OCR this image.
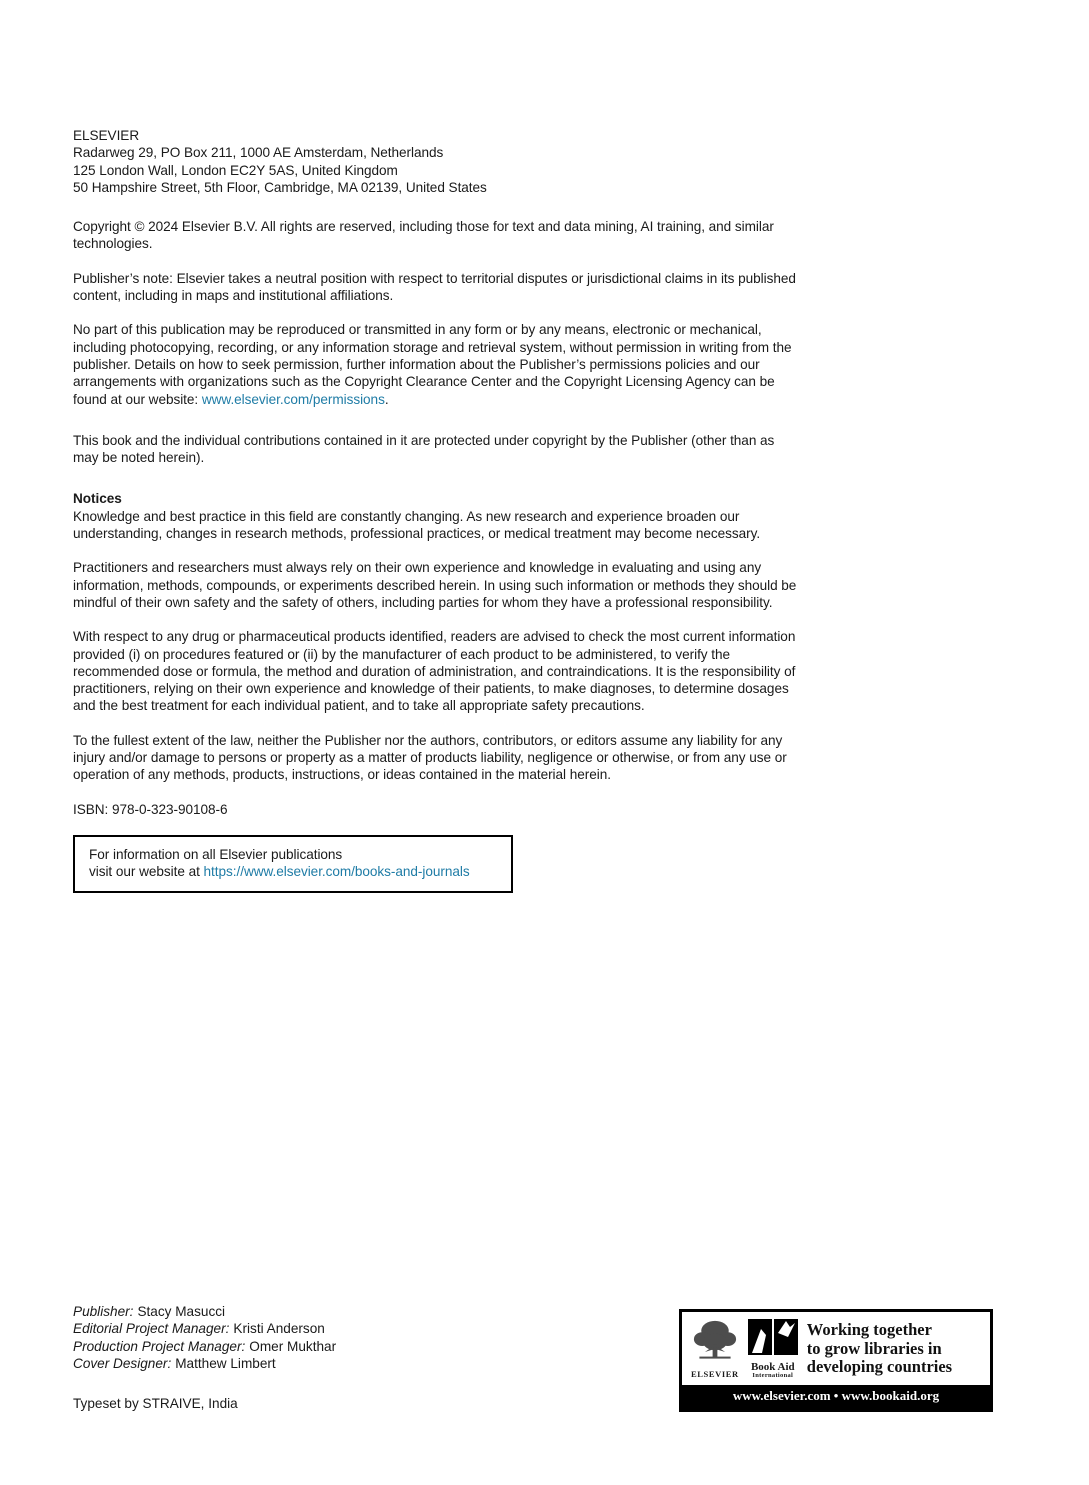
ELSEVIER
Radarweg 29, PO Box 211, 1000 AE Amsterdam, Netherlands
125 London Wall, London EC2Y 5AS, United Kingdom
50 Hampshire Street, 5th Floor, Cambridge, MA 02139, United States

Copyright © 2024 Elsevier B.V. All rights are reserved, including those for text and data mining, AI training, and similar technologies.

Publisher’s note: Elsevier takes a neutral position with respect to territorial disputes or jurisdictional claims in its published content, including in maps and institutional affiliations.

No part of this publication may be reproduced or transmitted in any form or by any means, electronic or mechanical, including photocopying, recording, or any information storage and retrieval system, without permission in writing from the publisher. Details on how to seek permission, further information about the Publisher’s permissions policies and our arrangements with organizations such as the Copyright Clearance Center and the Copyright Licensing Agency can be found at our website: www.elsevier.com/permissions.

This book and the individual contributions contained in it are protected under copyright by the Publisher (other than as may be noted herein).

Notices

Knowledge and best practice in this field are constantly changing. As new research and experience broaden our understanding, changes in research methods, professional practices, or medical treatment may become necessary.

Practitioners and researchers must always rely on their own experience and knowledge in evaluating and using any information, methods, compounds, or experiments described herein. In using such information or methods they should be mindful of their own safety and the safety of others, including parties for whom they have a professional responsibility.

With respect to any drug or pharmaceutical products identified, readers are advised to check the most current information provided (i) on procedures featured or (ii) by the manufacturer of each product to be administered, to verify the recommended dose or formula, the method and duration of administration, and contraindications. It is the responsibility of practitioners, relying on their own experience and knowledge of their patients, to make diagnoses, to determine dosages and the best treatment for each individual patient, and to take all appropriate safety precautions.

To the fullest extent of the law, neither the Publisher nor the authors, contributors, or editors assume any liability for any injury and/or damage to persons or property as a matter of products liability, negligence or otherwise, or from any use or operation of any methods, products, instructions, or ideas contained in the material herein.

ISBN: 978-0-323-90108-6

For information on all Elsevier publications
visit our website at https://www.elsevier.com/books-and-journals
Publisher: Stacy Masucci
Editorial Project Manager: Kristi Anderson
Production Project Manager: Omer Mukthar
Cover Designer: Matthew Limbert
Typeset by STRAIVE, India
ELSEVIER
Book Aid
International
Working together
to grow libraries in
developing countries
www.elsevier.com • www.bookaid.org
